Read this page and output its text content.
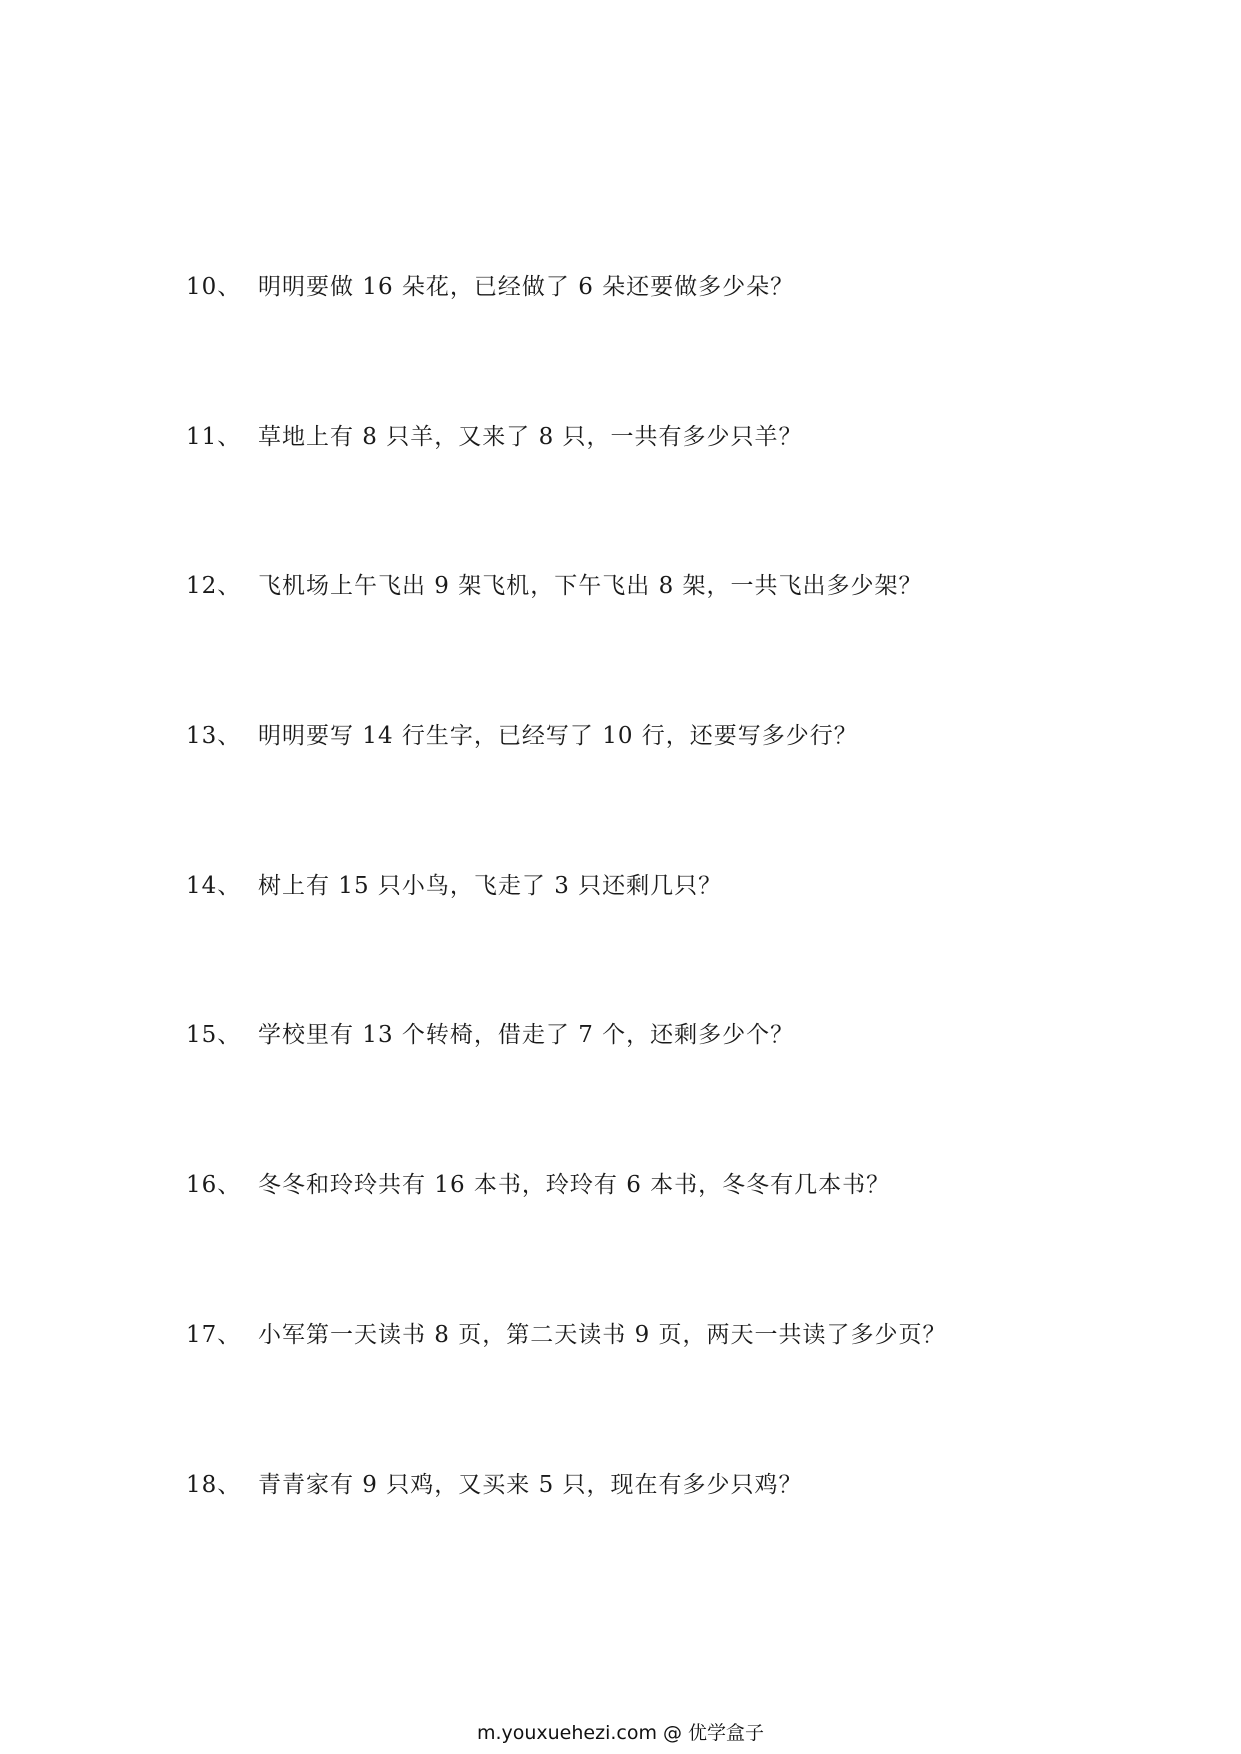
10、 明明要做 16 朵花，已经做了 6 朵还要做多少朵？
11、 草地上有 8 只羊，又来了 8 只，一共有多少只羊？
12、 飞机场上午飞出 9 架飞机，下午飞出 8 架，一共飞出多少架？
13、 明明要写 14 行生字，已经写了 10 行，还要写多少行？
14、 树上有 15 只小鸟，飞走了 3 只还剩几只？
15、 学校里有 13 个转椅，借走了 7 个，还剩多少个？
16、 冬冬和玲玲共有 16 本书，玲玲有 6 本书，冬冬有几本书？
17、 小军第一天读书 8 页，第二天读书 9 页，两天一共读了多少页？
18、 青青家有 9 只鸡，又买来 5 只，现在有多少只鸡？
m.youxuehezi.com @ 优学盒子
